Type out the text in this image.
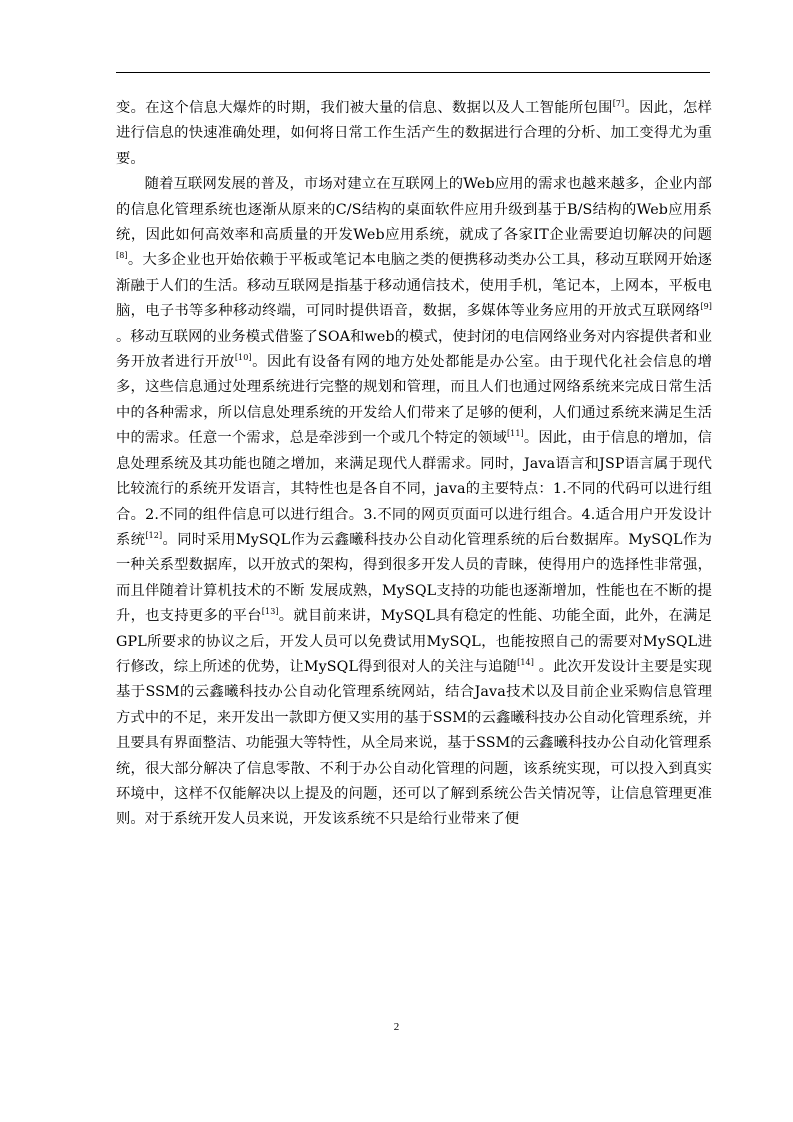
变。在这个信息大爆炸的时期，我们被大量的信息、数据以及人工智能所包围[7]。因此，怎样进行信息的快速准确处理，如何将日常工作生活产生的数据进行合理的分析、加工变得尤为重要。

随着互联网发展的普及，市场对建立在互联网上的Web应用的需求也越来越多，企业内部的信息化管理系统也逐渐从原来的C/S结构的桌面软件应用升级到基于B/S结构的Web应用系统，因此如何高效率和高质量的开发Web应用系统，就成了各家IT企业需要迫切解决的问题[8]。大多企业也开始依赖于平板或笔记本电脑之类的便携移动类办公工具，移动互联网开始逐渐融于人们的生活。移动互联网是指基于移动通信技术，使用手机，笔记本，上网本，平板电脑，电子书等多种移动终端，可同时提供语音，数据，多媒体等业务应用的开放式互联网络[9] 。移动互联网的业务模式借鉴了SOA和web的模式，使封闭的电信网络业务对内容提供者和业务开放者进行开放[10]。因此有设备有网的地方处处都能是办公室。由于现代化社会信息的增多，这些信息通过处理系统进行完整的规划和管理，而且人们也通过网络系统来完成日常生活中的各种需求，所以信息处理系统的开发给人们带来了足够的便利，人们通过系统来满足生活中的需求。任意一个需求，总是牵涉到一个或几个特定的领域[11]。因此，由于信息的增加，信息处理系统及其功能也随之增加，来满足现代人群需求。同时，Java语言和JSP语言属于现代比较流行的系统开发语言，其特性也是各自不同，java的主要特点：1.不同的代码可以进行组合。2.不同的组件信息可以进行组合。3.不同的网页页面可以进行组合。4.适合用户开发设计系统[12]。同时采用MySQL作为云鑫曦科技办公自动化管理系统的后台数据库。MySQL作为一种关系型数据库，以开放式的架构，得到很多开发人员的青睐，使得用户的选择性非常强，而且伴随着计算机技术的不断 发展成熟，MySQL支持的功能也逐渐增加，性能也在不断的提升，也支持更多的平台[13]。就目前来讲，MySQL具有稳定的性能、功能全面，此外，在满足GPL所要求的协议之后，开发人员可以免费试用MySQL，也能按照自己的需要对MySQL进行修改，综上所述的优势，让MySQL得到很对人的关注与追随[14] 。此次开发设计主要是实现基于SSM的云鑫曦科技办公自动化管理系统网站，结合Java技术以及目前企业采购信息管理方式中的不足，来开发出一款即方便又实用的基于SSM的云鑫曦科技办公自动化管理系统，并且要具有界面整洁、功能强大等特性，从全局来说，基于SSM的云鑫曦科技办公自动化管理系统，很大部分解决了信息零散、不利于办公自动化管理的问题，该系统实现，可以投入到真实环境中，这样不仅能解决以上提及的问题，还可以了解到系统公告关情况等，让信息管理更准则。对于系统开发人员来说，开发该系统不只是给行业带来了便

2
